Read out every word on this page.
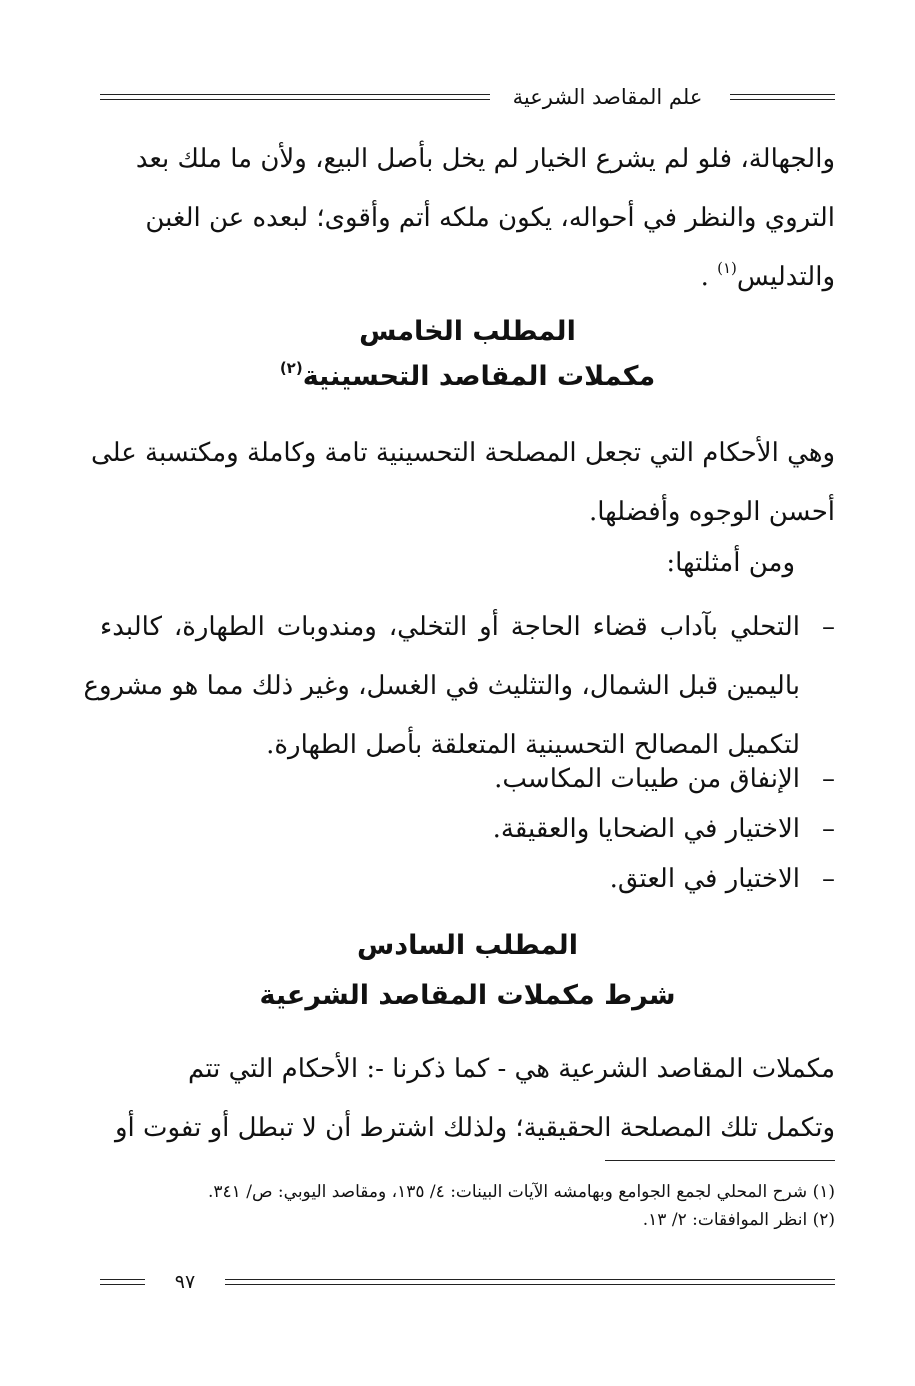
علم المقاصد الشرعية
والجهالة، فلو لم يشرع الخيار لم يخل بأصل البيع، ولأن ما ملك بعد
التروي والنظر في أحواله، يكون ملكه أتم وأقوى؛ لبعده عن الغبن
والتدليس$^{(١)}$ .
المطلب الخامس
مكملات المقاصد التحسينية$^{(٢)}$
وهي الأحكام التي تجعل المصلحة التحسينية تامة وكاملة ومكتسبة على
أحسن الوجوه وأفضلها.
ومن أمثلتها:
–
التحلي بآداب قضاء الحاجة أو التخلي، ومندوبات الطهارة، كالبدء
باليمين قبل الشمال، والتثليث في الغسل، وغير ذلك مما هو مشروع
لتكميل المصالح التحسينية المتعلقة بأصل الطهارة.
–
الإنفاق من طيبات المكاسب.
–
الاختيار في الضحايا والعقيقة.
–
الاختيار في العتق.
المطلب السادس
شرط مكملات المقاصد الشرعية
مكملات المقاصد الشرعية هي - كما ذكرنا -: الأحكام التي تتم
وتكمل تلك المصلحة الحقيقية؛ ولذلك اشترط أن لا تبطل أو تفوت أو
(١) شرح المحلي لجمع الجوامع وبهامشه الآيات البينات: ٤/ ١٣٥، ومقاصد اليوبي: ص/ ٣٤١.
(٢) انظر الموافقات: ٢/ ١٣.
٩٧
